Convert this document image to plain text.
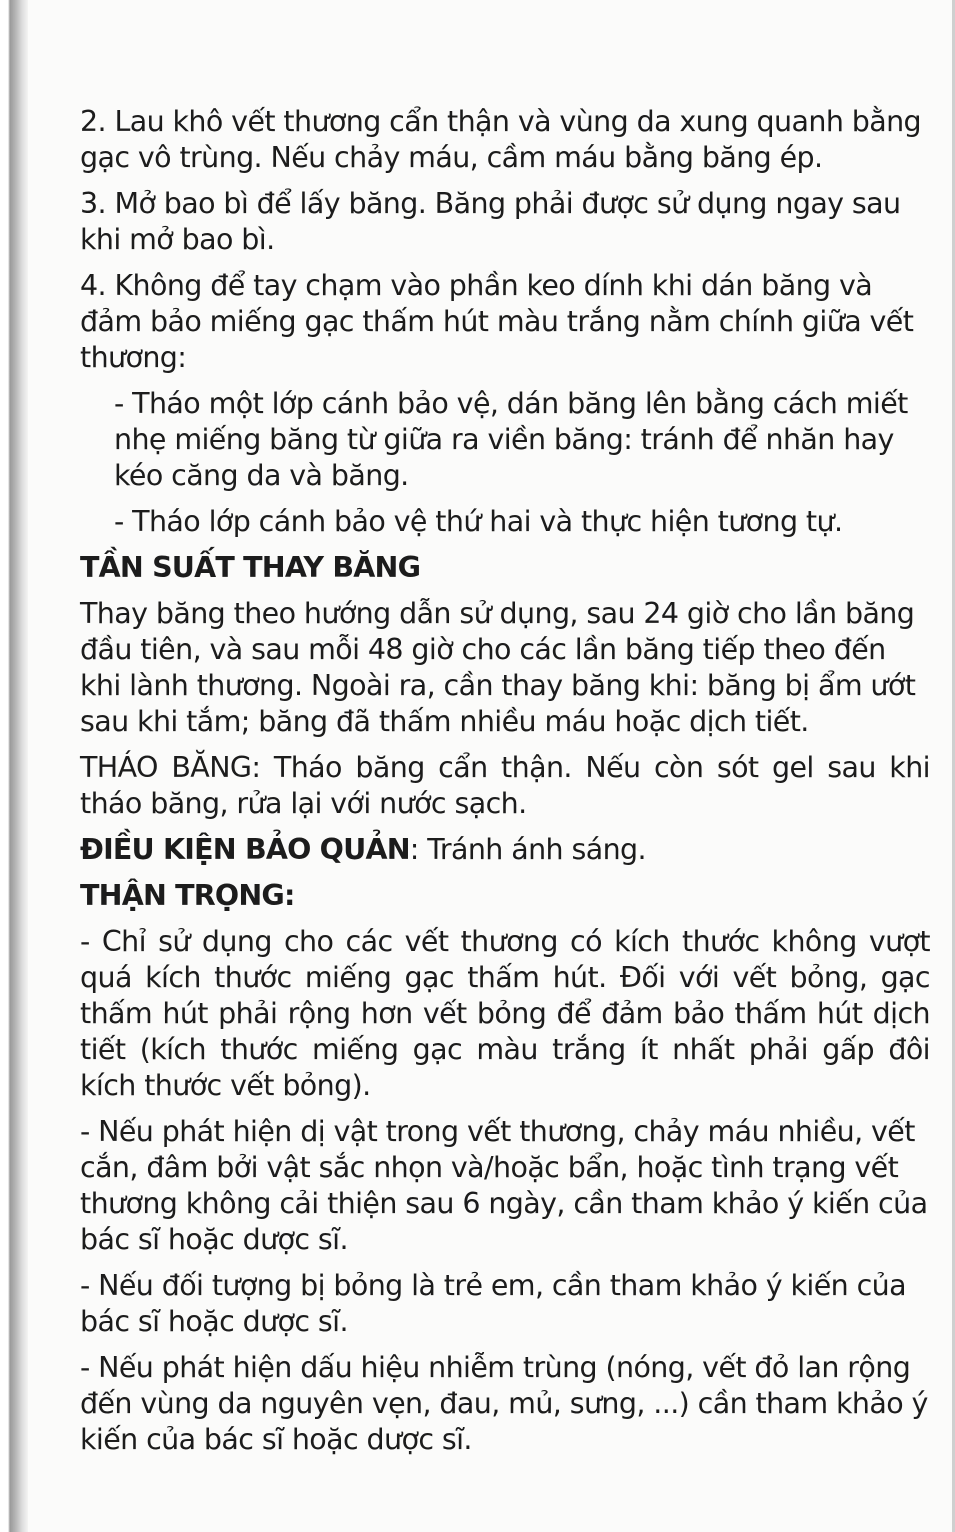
2. Lau khô vết thương cẩn thận và vùng da xung quanh bằng gạc vô trùng. Nếu chảy máu, cầm máu bằng băng ép.

3. Mở bao bì để lấy băng. Băng phải được sử dụng ngay sau khi mở bao bì.

4. Không để tay chạm vào phần keo dính khi dán băng và đảm bảo miếng gạc thấm hút màu trắng nằm chính giữa vết thương:

- Tháo một lớp cánh bảo vệ, dán băng lên bằng cách miết nhẹ miếng băng từ giữa ra viền băng: tránh để nhăn hay kéo căng da và băng.

- Tháo lớp cánh bảo vệ thứ hai và thực hiện tương tự.

TẦN SUẤT THAY BĂNG

Thay băng theo hướng dẫn sử dụng, sau 24 giờ cho lần băng đầu tiên, và sau mỗi 48 giờ cho các lần băng tiếp theo đến khi lành thương. Ngoài ra, cần thay băng khi: băng bị ẩm ướt sau khi tắm; băng đã thấm nhiều máu hoặc dịch tiết.

THÁO BĂNG: Tháo băng cẩn thận. Nếu còn sót gel sau khi tháo băng, rửa lại với nước sạch.

ĐIỀU KIỆN BẢO QUẢN: Tránh ánh sáng.

THẬN TRỌNG:

- Chỉ sử dụng cho các vết thương có kích thước không vượt quá kích thước miếng gạc thấm hút. Đối với vết bỏng, gạc thấm hút phải rộng hơn vết bỏng để đảm bảo thấm hút dịch tiết (kích thước miếng gạc màu trắng ít nhất phải gấp đôi kích thước vết bỏng).

- Nếu phát hiện dị vật trong vết thương, chảy máu nhiều, vết cắn, đâm bởi vật sắc nhọn và/hoặc bẩn, hoặc tình trạng vết thương không cải thiện sau 6 ngày, cần tham khảo ý kiến của bác sĩ hoặc dược sĩ.

- Nếu đối tượng bị bỏng là trẻ em, cần tham khảo ý kiến của bác sĩ hoặc dược sĩ.

- Nếu phát hiện dấu hiệu nhiễm trùng (nóng, vết đỏ lan rộng đến vùng da nguyên vẹn, đau, mủ, sưng, ...) cần tham khảo ý kiến của bác sĩ hoặc dược sĩ.
